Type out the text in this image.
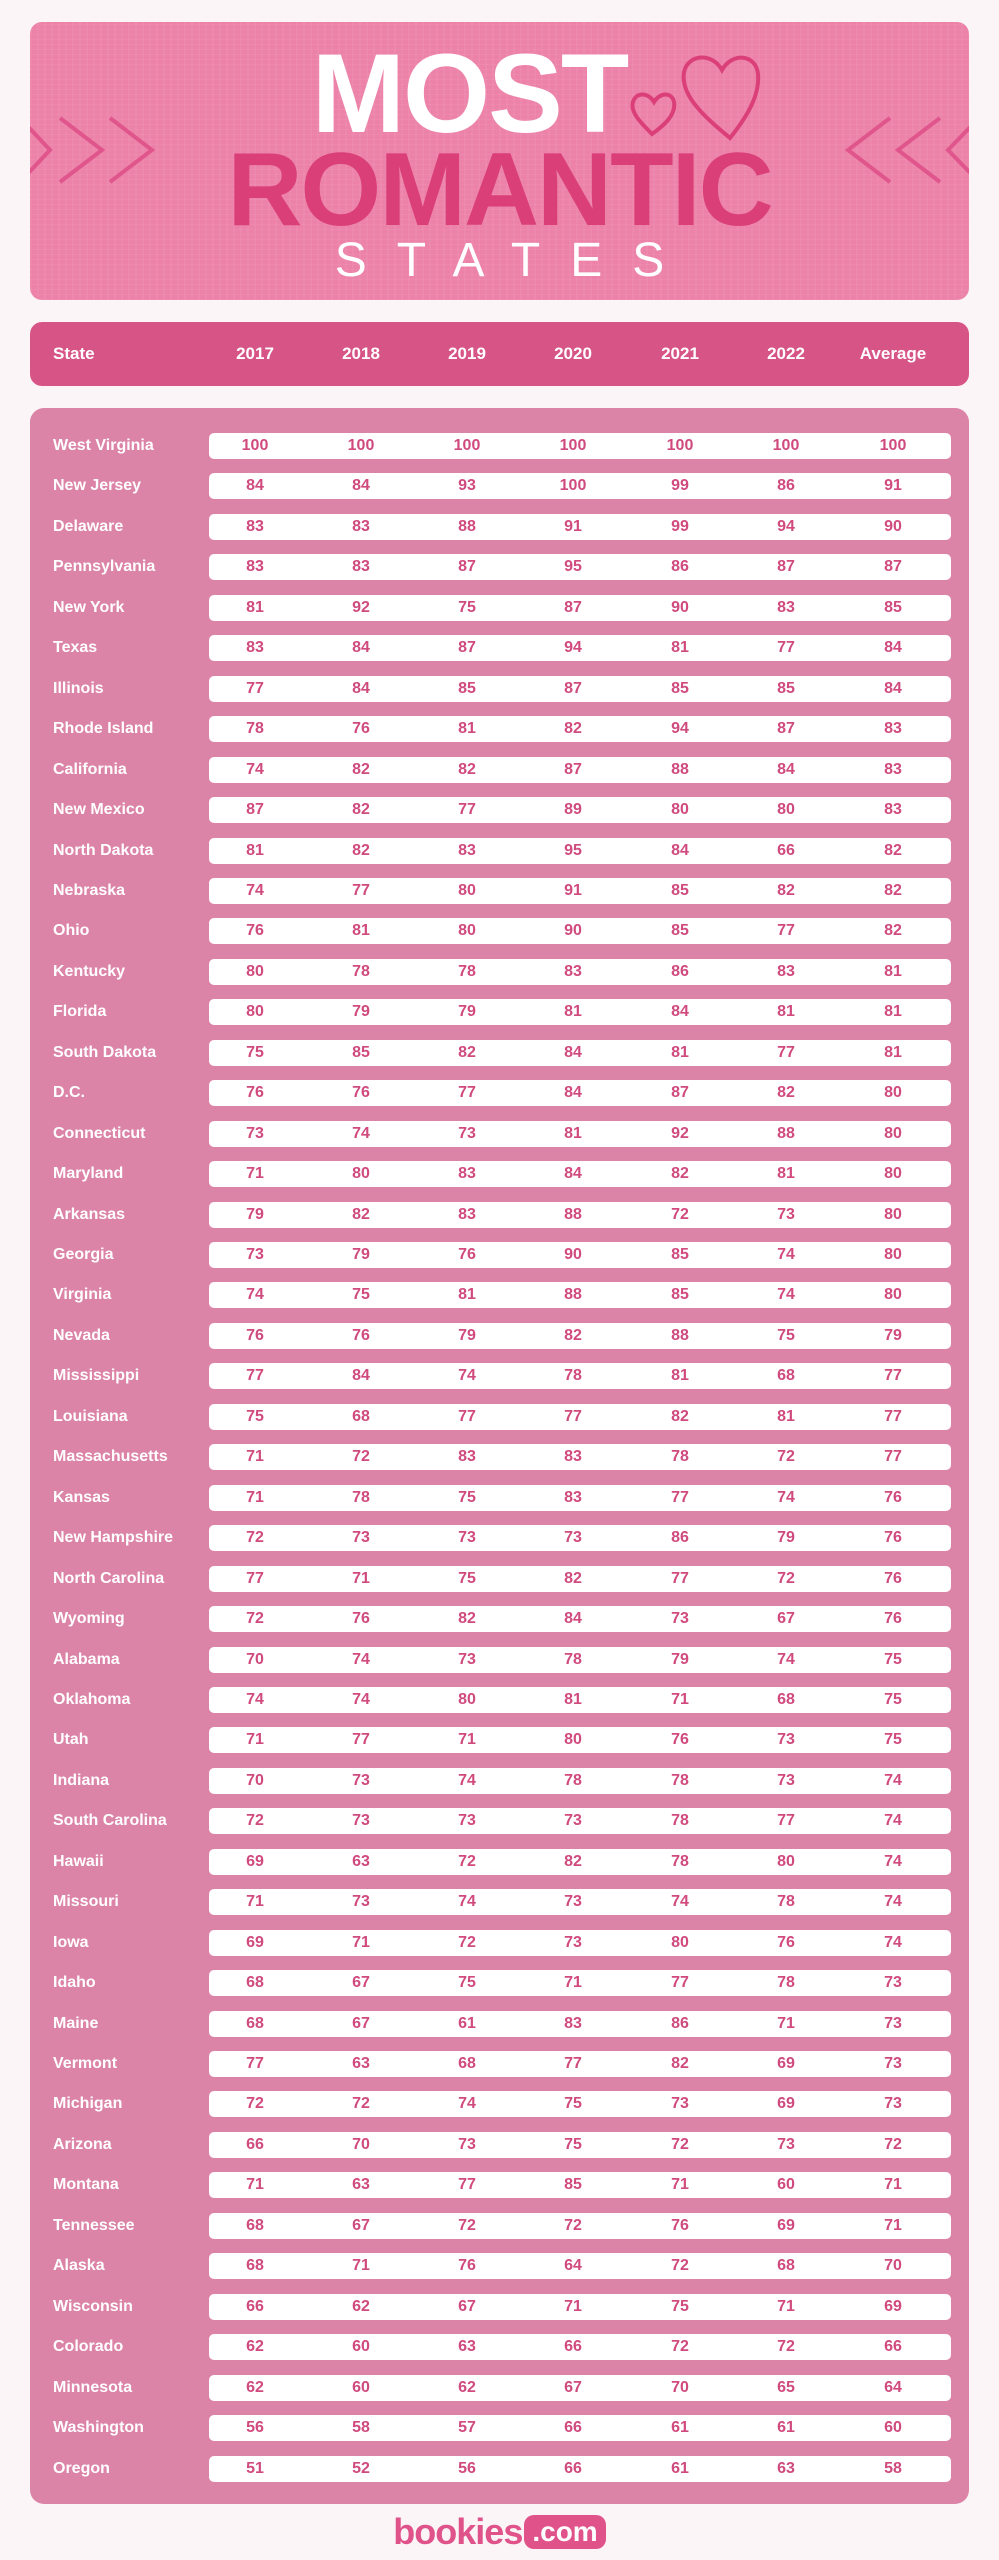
MOST
ROMANTIC
STATES
State	2017	2018	2019	2020	2021	2022	Average
West Virginia	100	100	100	100	100	100	100
New Jersey	84	84	93	100	99	86	91
Delaware	83	83	88	91	99	94	90
Pennsylvania	83	83	87	95	86	87	87
New York	81	92	75	87	90	83	85
Texas	83	84	87	94	81	77	84
Illinois	77	84	85	87	85	85	84
Rhode Island	78	76	81	82	94	87	83
California	74	82	82	87	88	84	83
New Mexico	87	82	77	89	80	80	83
North Dakota	81	82	83	95	84	66	82
Nebraska	74	77	80	91	85	82	82
Ohio	76	81	80	90	85	77	82
Kentucky	80	78	78	83	86	83	81
Florida	80	79	79	81	84	81	81
South Dakota	75	85	82	84	81	77	81
D.C.	76	76	77	84	87	82	80
Connecticut	73	74	73	81	92	88	80
Maryland	71	80	83	84	82	81	80
Arkansas	79	82	83	88	72	73	80
Georgia	73	79	76	90	85	74	80
Virginia	74	75	81	88	85	74	80
Nevada	76	76	79	82	88	75	79
Mississippi	77	84	74	78	81	68	77
Louisiana	75	68	77	77	82	81	77
Massachusetts	71	72	83	83	78	72	77
Kansas	71	78	75	83	77	74	76
New Hampshire	72	73	73	73	86	79	76
North Carolina	77	71	75	82	77	72	76
Wyoming	72	76	82	84	73	67	76
Alabama	70	74	73	78	79	74	75
Oklahoma	74	74	80	81	71	68	75
Utah	71	77	71	80	76	73	75
Indiana	70	73	74	78	78	73	74
South Carolina	72	73	73	73	78	77	74
Hawaii	69	63	72	82	78	80	74
Missouri	71	73	74	73	74	78	74
Iowa	69	71	72	73	80	76	74
Idaho	68	67	75	71	77	78	73
Maine	68	67	61	83	86	71	73
Vermont	77	63	68	77	82	69	73
Michigan	72	72	74	75	73	69	73
Arizona	66	70	73	75	72	73	72
Montana	71	63	77	85	71	60	71
Tennessee	68	67	72	72	76	69	71
Alaska	68	71	76	64	72	68	70
Wisconsin	66	62	67	71	75	71	69
Colorado	62	60	63	66	72	72	66
Minnesota	62	60	62	67	70	65	64
Washington	56	58	57	66	61	61	60
Oregon	51	52	56	66	61	63	58
bookies .com
